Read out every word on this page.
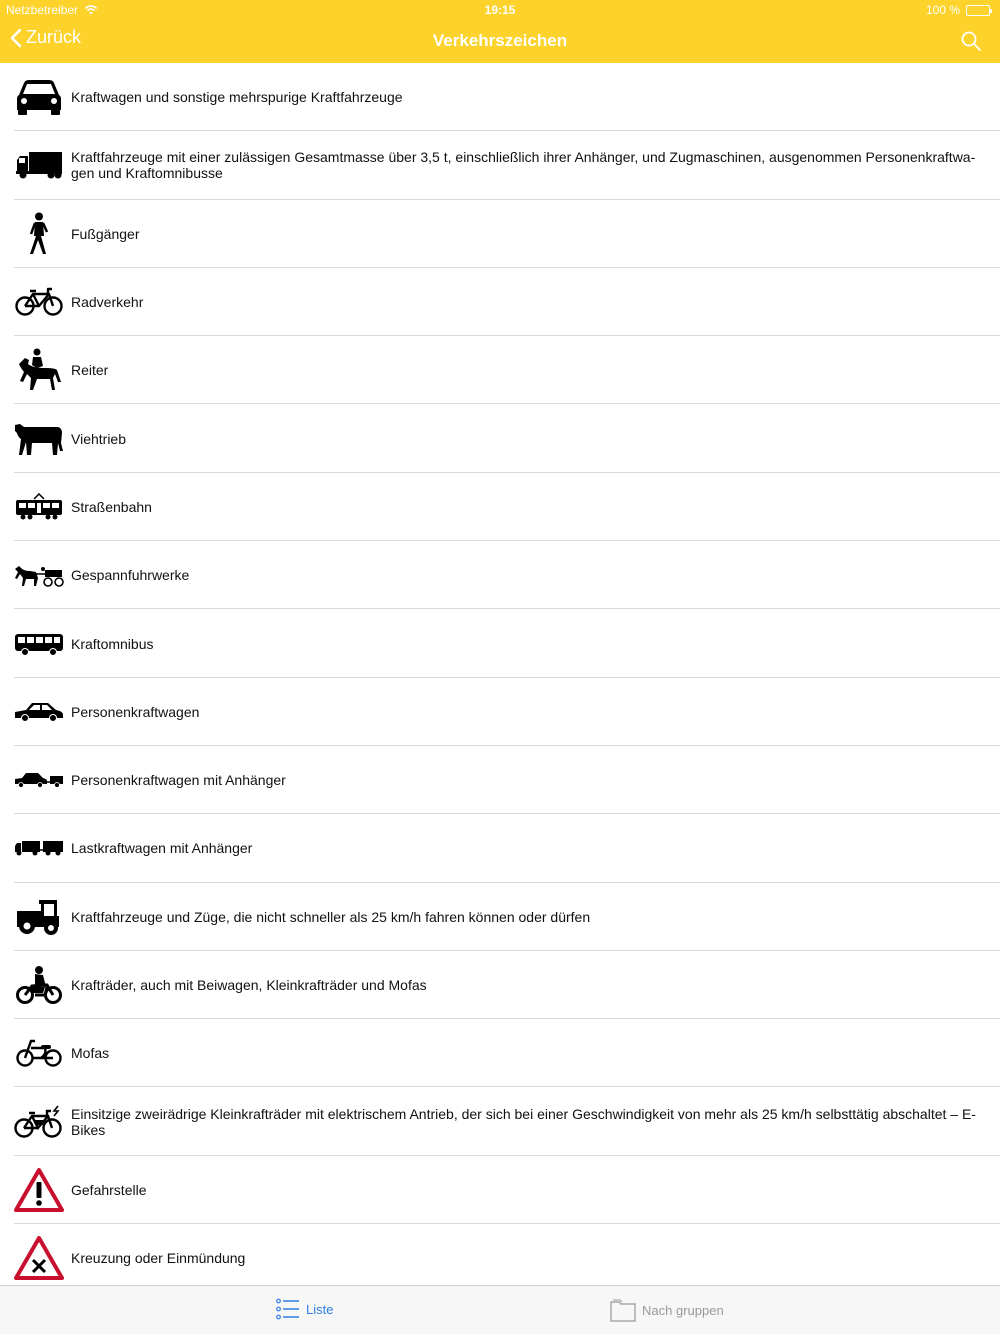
Netzbetreiber	19:15	100 %
Zurück	Verkehrszeichen
Kraftwagen und sonstige mehrspurige Kraftfahrzeuge
Kraftfahrzeuge mit einer zulässigen Gesamtmasse über 3,5 t, einschließlich ihrer Anhänger, und Zugmaschinen, ausgenommen Personenkraftwa-gen und Kraftomnibusse
Fußgänger
Radverkehr
Reiter
Viehtrieb
Straßenbahn
Gespannfuhrwerke
Kraftomnibus
Personenkraftwagen
Personenkraftwagen mit Anhänger
Lastkraftwagen mit Anhänger
Kraftfahrzeuge und Züge, die nicht schneller als 25 km/h fahren können oder dürfen
Krafträder, auch mit Beiwagen, Kleinkrafträder und Mofas
Mofas
Einsitzige zweirädrige Kleinkrafträder mit elektrischem Antrieb, der sich bei einer Geschwindigkeit von mehr als 25 km/h selbsttätig abschaltet – E-Bikes
Gefahrstelle
Kreuzung oder Einmündung
Liste	Nach gruppen
